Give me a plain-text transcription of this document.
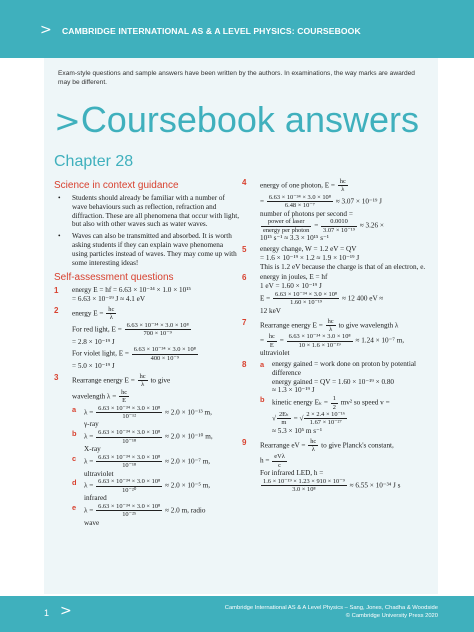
> CAMBRIDGE INTERNATIONAL AS & A LEVEL PHYSICS: COURSEBOOK
Exam-style questions and sample answers have been written by the authors. In examinations, the way marks are awarded may be different.
>Coursebook answers
Chapter 28
Science in context guidance
• Students should already be familiar with a number of wave behaviours such as reflection, refraction and diffraction. These are all phenomena that occur with light, but also with other waves such as water waves.
• Waves can also be transmitted and absorbed. It is worth asking students if they can explain wave phenomena using particles instead of waves. They may come up with some interesting ideas!
Self-assessment questions
1 energy E = hf = 6.63 × 10⁻³⁴ × 1.0 × 10¹⁵
= 6.63 × 10⁻¹⁹ J ≈ 4.1 eV
2 energy $E = \frac{hc}{\lambda}$
For red light, $E = \frac{\text{6.63 × 10⁻³⁴ × 3.0 × 10⁸}}{\text{700 × 10⁻⁹}}$
= 2.8 × 10⁻¹⁹ J
For violet light, $E = \frac{\text{6.63 × 10⁻³⁴ × 3.0 × 10⁸}}{\text{400 × 10⁻⁹}}$
= 5.0 × 10⁻¹⁹ J
3 Rearrange energy $E = \frac{hc}{\lambda}$ to give
wavelength $\lambda = \frac{hc}{E}$
a $\lambda = \frac{\text{6.63 × 10⁻³⁴ × 3.0 × 10⁸}}{\text{10⁻¹²}} \approx 2.0 \times 10^{-13}$ m,
γ-ray
b $\lambda = \frac{\text{6.63 × 10⁻³⁴ × 3.0 × 10⁸}}{\text{10⁻¹⁸}} \approx 2.0 \times 10^{-10}$ m,
X-ray
c $\lambda = \frac{\text{6.63 × 10⁻³⁴ × 3.0 × 10⁸}}{\text{10⁻¹⁸}} \approx 2.0 \times 10^{-7}$ m,
ultraviolet
d $\lambda = \frac{\text{6.63 × 10⁻³⁴ × 3.0 × 10⁸}}{\text{10⁻²⁰}} \approx 2.0 \times 10^{-5}$ m,
infrared
e $\lambda = \frac{\text{6.63 × 10⁻³⁴ × 3.0 × 10⁸}}{\text{10⁻²⁵}} \approx 2.0$ m, radio
wave
4 energy of one photon, $E = \frac{hc}{\lambda}$
= $\frac{\text{6.63 × 10⁻³⁴ × 3.0 × 10⁸}}{\text{6.48 × 10⁻⁷}} \approx 3.07 \times 10^{-19}$ J
number of photons per second =
$\frac{\text{power of laser}}{\text{energy per photon}} = \frac{0.0010}{\text{3.07 × 10⁻¹⁹}} \approx 3.26$ ×
10¹⁵ s⁻¹ ≈ 3.3 × 10¹⁵ s⁻¹
5 energy change, W = 1.2 eV = QV
= 1.6 × 10⁻¹⁹ × 1.2 ≈ 1.9 × 10⁻¹⁹ J
This is 1.2 eV because the charge is that of an electron, e.
6 energy in joules, E = hf
1 eV = 1.60 × 10⁻¹⁹ J
$E = \frac{\text{6.63 × 10⁻³⁴ × 3.0 × 10⁸}}{\text{1.60 × 10⁻¹⁹}} \approx 12$ 400 eV ≈
12 keV
7 Rearrange energy $E = \frac{hc}{\lambda}$ to give wavelength λ
= $\frac{hc}{E} = \frac{\text{6.63 × 10⁻³⁴ × 3.0 × 10⁸}}{\text{10 × 1.6 × 10⁻¹⁹}} \approx 1.24 \times 10^{-7}$ m,
ultraviolet
8 a energy gained = work done on proton by potential difference
energy gained = QV = 1.60 × 10⁻¹⁹ × 0.80
≈ 1.3 × 10⁻¹⁹ J
b kinetic energy $E_k = \frac{1}{2} mv^2$ so speed v =
√ $\frac{\text{2Eₖ}}{m}$ = √ $\frac{\text{2 × 2.4 × 10⁻¹⁶}}{\text{1.67 × 10⁻²⁷}}$
≈ 5.3 × 10⁵ m s⁻¹
9 Rearrange eV = $\frac{hc}{\lambda}$ to give Planck's constant,
$h = \frac{\text{eVλ}}{c}$
For infrared LED, h =
$\frac{\text{1.6 × 10⁻¹⁹ × 1.23 × 910 × 10⁻⁹}}{\text{3.0 × 10⁸}} \approx 6.55 \times 10^{-34}$ J s
1 >	Cambridge International AS & A Level Physics – Sang, Jones, Chadha & Woodside
© Cambridge University Press 2020
